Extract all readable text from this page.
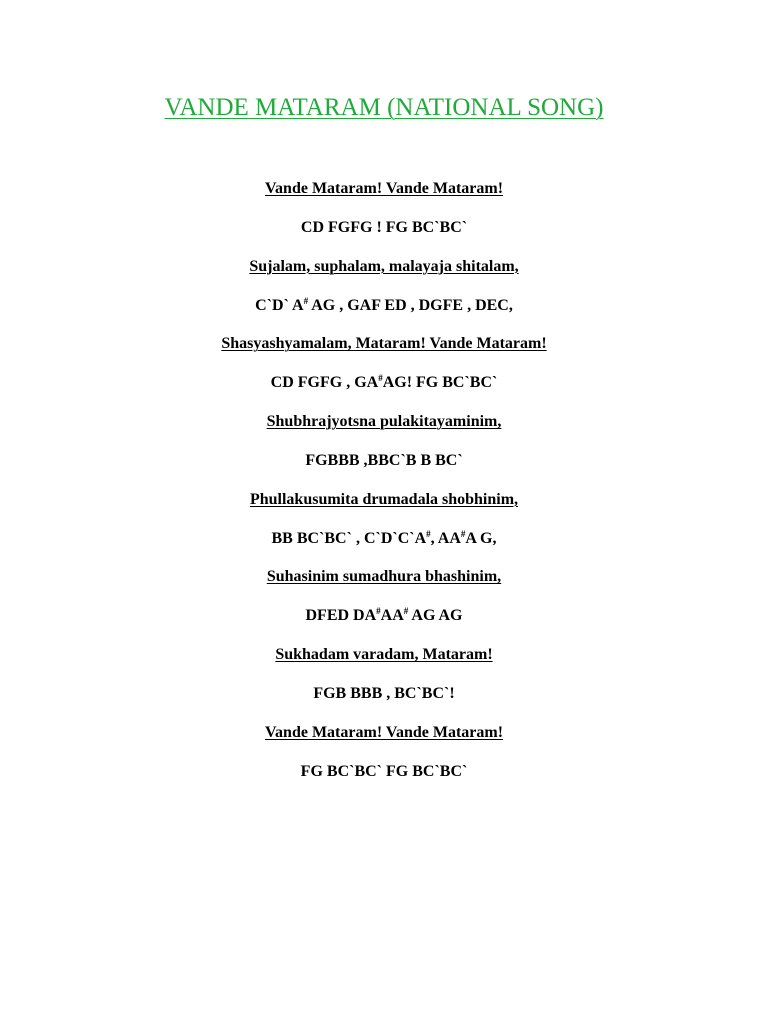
VANDE MATARAM (NATIONAL SONG)

Vande Mataram! Vande Mataram!

CD FGFG ! FG BC`BC`

Sujalam, suphalam, malayaja shitalam,

C`D` A# AG , GAF ED , DGFE , DEC,

Shasyashyamalam, Mataram! Vande Mataram!

CD FGFG , GA#AG! FG BC`BC`

Shubhrajyotsna pulakitayaminim,

FGBBB ,BBC`B B BC`

Phullakusumita drumadala shobhinim,

BB BC`BC` , C`D`C`A#, AA#A G,

Suhasinim sumadhura bhashinim,

DFED DA#AA# AG AG

Sukhadam varadam, Mataram!

FGB BBB , BC`BC`!

Vande Mataram! Vande Mataram!

FG BC`BC` FG BC`BC`
